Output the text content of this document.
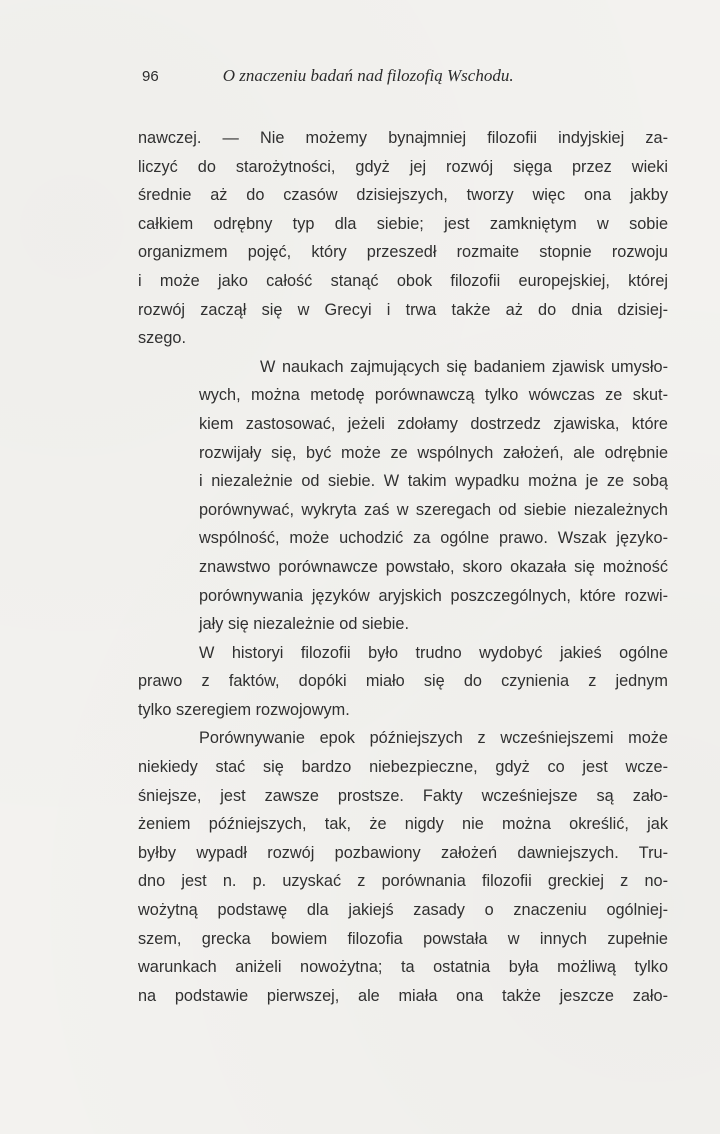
96	O znaczeniu badań nad filozofią Wschodu.

nawczej. — Nie możemy bynajmniej filozofii indyjskiej za-
liczyć do starożytności, gdyż jej rozwój sięga przez wieki
średnie aż do czasów dzisiejszych, tworzy więc ona jakby
całkiem odrębny typ dla siebie; jest zamkniętym w sobie
organizmem pojęć, który przeszedł rozmaite stopnie rozwoju
i może jako całość stanąć obok filozofii europejskiej, której
rozwój zaczął się w Grecyi i trwa także aż do dnia dzisiej-
szego.

W naukach zajmujących się badaniem zjawisk umysło-
wych, można metodę porównawczą tylko wówczas ze skut-
kiem zastosować, jeżeli zdołamy dostrzedz zjawiska, które
rozwijały się, być może ze wspólnych założeń, ale odrębnie
i niezależnie od siebie. W takim wypadku można je ze sobą
porównywać, wykryta zaś w szeregach od siebie niezależnych
wspólność, może uchodzić za ogólne prawo. Wszak języko-
znawstwo porównawcze powstało, skoro okazała się możność
porównywania języków aryjskich poszczególnych, które rozwi-
jały się niezależnie od siebie.

W historyi filozofii było trudno wydobyć jakieś ogólne
prawo z faktów, dopóki miało się do czynienia z jednym
tylko szeregiem rozwojowym.

Porównywanie epok późniejszych z wcześniejszemi może
niekiedy stać się bardzo niebezpieczne, gdyż co jest wcze-
śniejsze, jest zawsze prostsze. Fakty wcześniejsze są zało-
żeniem późniejszych, tak, że nigdy nie można określić, jak
byłby wypadł rozwój pozbawiony założeń dawniejszych. Tru-
dno jest n. p. uzyskać z porównania filozofii greckiej z no-
wożytną podstawę dla jakiejś zasady o znaczeniu ogólniej-
szem, grecka bowiem filozofia powstała w innych zupełnie
warunkach aniżeli nowożytna; ta ostatnia była możliwą tylko
na podstawie pierwszej, ale miała ona także jeszcze zało-
